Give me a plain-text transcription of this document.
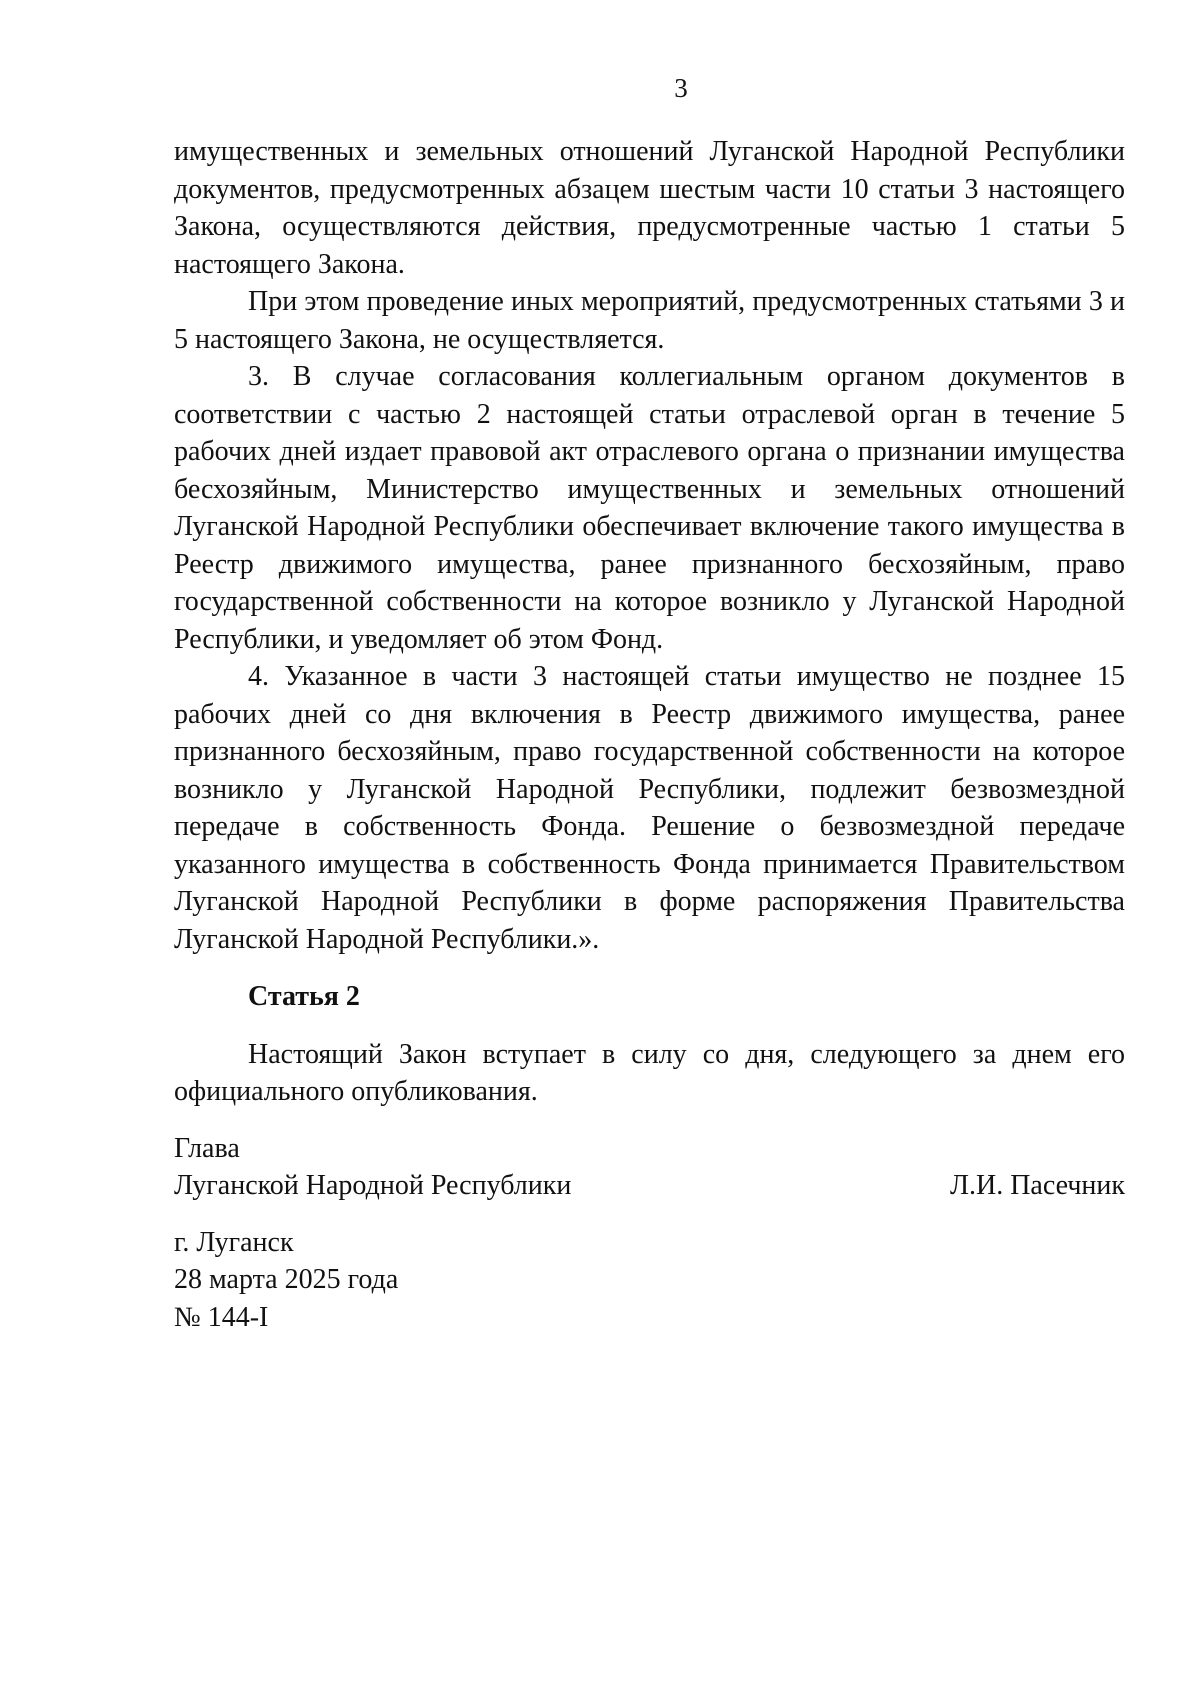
3

имущественных и земельных отношений Луганской Народной Республики документов, предусмотренных абзацем шестым части 10 статьи 3 настоящего Закона, осуществляются действия, предусмотренные частью 1 статьи 5 настоящего Закона.

При этом проведение иных мероприятий, предусмотренных статьями 3 и 5 настоящего Закона, не осуществляется.

3. В случае согласования коллегиальным органом документов в соответствии с частью 2 настоящей статьи отраслевой орган в течение 5 рабочих дней издает правовой акт отраслевого органа о признании имущества бесхозяйным, Министерство имущественных и земельных отношений Луганской Народной Республики обеспечивает включение такого имущества в Реестр движимого имущества, ранее признанного бесхозяйным, право государственной собственности на которое возникло у Луганской Народной Республики, и уведомляет об этом Фонд.

4. Указанное в части 3 настоящей статьи имущество не позднее 15 рабочих дней со дня включения в Реестр движимого имущества, ранее признанного бесхозяйным, право государственной собственности на которое возникло у Луганской Народной Республики, подлежит безвозмездной передаче в собственность Фонда. Решение о безвозмездной передаче указанного имущества в собственность Фонда принимается Правительством Луганской Народной Республики в форме распоряжения Правительства Луганской Народной Республики.».

Статья 2

Настоящий Закон вступает в силу со дня, следующего за днем его официального опубликования.

Глава
Луганской Народной Республики	Л.И. Пасечник
г. Луганск
28 марта 2025 года
№ 144-I
